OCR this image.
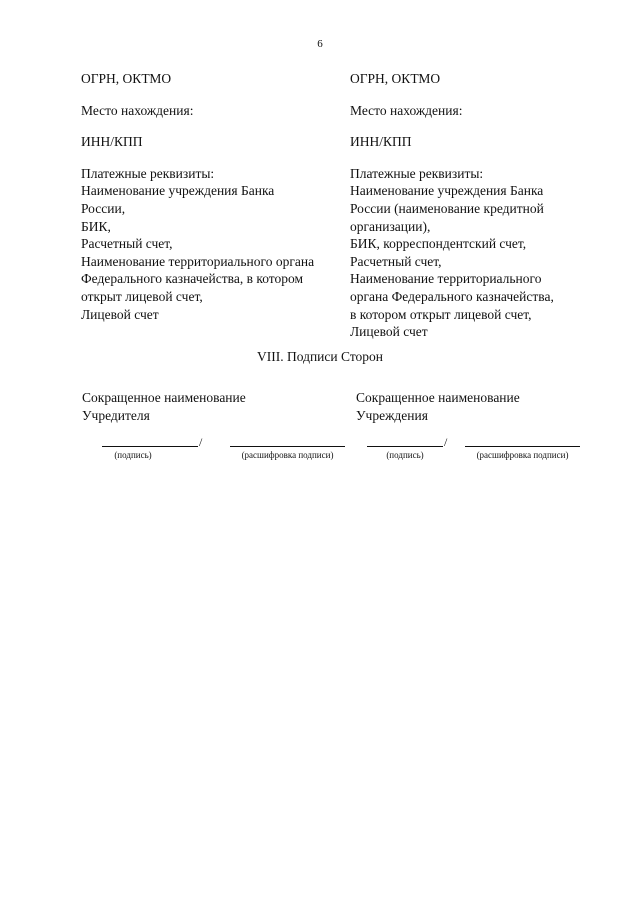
6

ОГРН, ОКТМО

Место нахождения:

ИНН/КПП

Платежные реквизиты:
Наименование учреждения Банка
России,
БИК,
Расчетный счет,
Наименование территориального органа
Федерального казначейства, в котором
открыт лицевой счет,
Лицевой счет

ОГРН, ОКТМО

Место нахождения:

ИНН/КПП

Платежные реквизиты:
Наименование учреждения Банка
России (наименование кредитной
организации),
БИК, корреспондентский счет,
Расчетный счет,
Наименование территориального
органа Федерального казначейства,
в котором открыт лицевой счет,
Лицевой счет
VIII. Подписи Сторон
Сокращенное наименование
Учредителя
Сокращенное наименование
Учреждения
/
(подпись)	(расшифровка подписи)
/
(подпись)	(расшифровка подписи)
